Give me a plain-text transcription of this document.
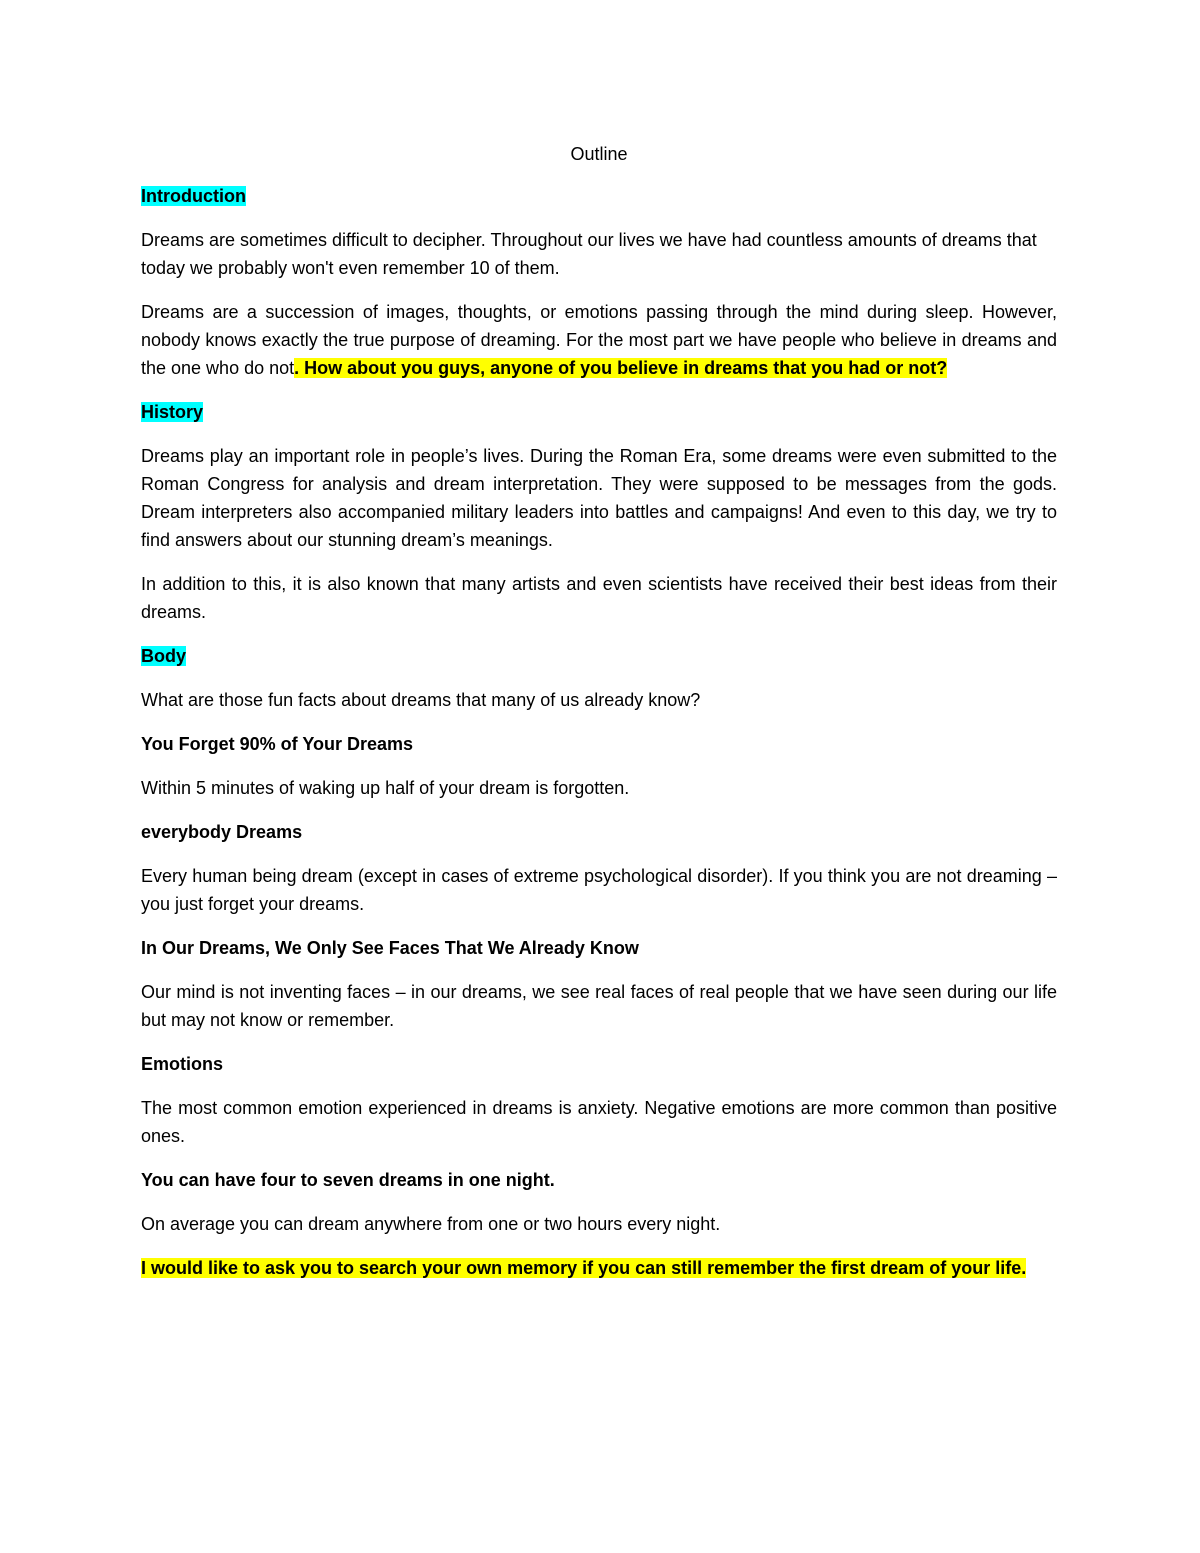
Outline
Introduction

Dreams are sometimes difficult to decipher. Throughout our lives we have had countless amounts of dreams that today we probably won't even remember 10 of them.

Dreams are a succession of images, thoughts, or emotions passing through the mind during sleep. However, nobody knows exactly the true purpose of dreaming. For the most part we have people who believe in dreams and the one who do not. How about you guys, anyone of you believe in dreams that you had or not?

History

Dreams play an important role in people’s lives. During the Roman Era, some dreams were even submitted to the Roman Congress for analysis and dream interpretation. They were supposed to be messages from the gods. Dream interpreters also accompanied military leaders into battles and campaigns! And even to this day, we try to find answers about our stunning dream’s meanings.

In addition to this, it is also known that many artists and even scientists have received their best ideas from their dreams.

Body

What are those fun facts about dreams that many of us already know?

You Forget 90% of Your Dreams

Within 5 minutes of waking up half of your dream is forgotten.

everybody Dreams

Every human being dream (except in cases of extreme psychological disorder). If you think you are not dreaming – you just forget your dreams.

In Our Dreams, We Only See Faces That We Already Know

Our mind is not inventing faces – in our dreams, we see real faces of real people that we have seen during our life but may not know or remember.

Emotions

The most common emotion experienced in dreams is anxiety. Negative emotions are more common than positive ones.

You can have four to seven dreams in one night.

On average you can dream anywhere from one or two hours every night.

I would like to ask you to search your own memory if you can still remember the first dream of your life.
